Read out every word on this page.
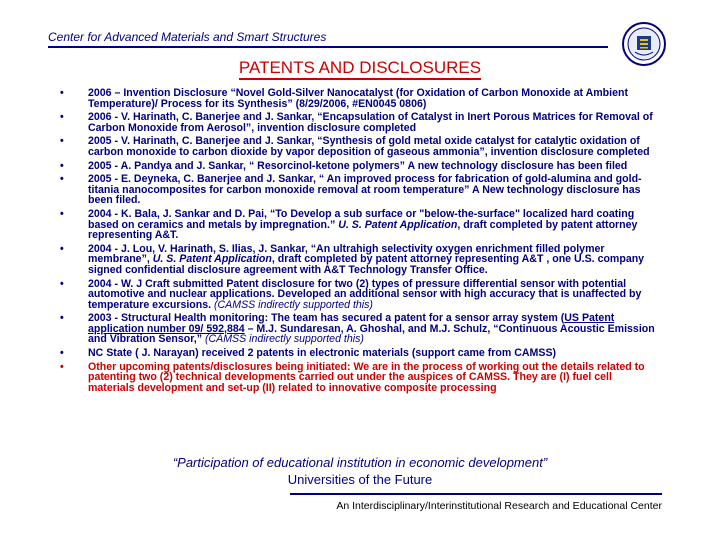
Center for Advanced Materials and Smart Structures
PATENTS AND DISCLOSURES
• 2006 – Invention Disclosure “Novel Gold-Silver Nanocatalyst (for Oxidation of Carbon Monoxide at Ambient Temperature)/ Process for its Synthesis” (8/29/2006, #EN0045 0806)
• 2006 - V. Harinath, C. Banerjee and J. Sankar, “Encapsulation of Catalyst in Inert Porous Matrices for Removal of Carbon Monoxide from Aerosol”, invention disclosure completed
• 2005 - V. Harinath, C. Banerjee and J. Sankar, “Synthesis of gold metal oxide catalyst for catalytic oxidation of carbon monoxide to carbon dioxide by vapor deposition of gaseous ammonia”, invention disclosure completed
• 2005 - A. Pandya and J. Sankar, “ Resorcinol-ketone polymers” A new technology disclosure has been filed
• 2005 - E. Deyneka, C. Banerjee and J. Sankar, “ An improved process for fabrication of gold-alumina and gold-titania nanocomposites for carbon monoxide removal at room temperature” A New technology disclosure has been filed.
• 2004 - K. Bala, J. Sankar and D. Pai, “To Develop a sub surface or "below-the-surface" localized hard coating based on ceramics and metals by impregnation.” U. S. Patent Application, draft completed by patent attorney representing A&T.
• 2004 - J. Lou, V. Harinath, S. Ilias, J. Sankar, “An ultrahigh selectivity oxygen enrichment filled polymer membrane”, U. S. Patent Application, draft completed by patent attorney representing A&T , one U.S. company signed confidential disclosure agreement with A&T Technology Transfer Office.
• 2004 - W. J Craft submitted Patent disclosure for two (2) types of pressure differential sensor with potential automotive and nuclear applications. Developed an additional sensor with high accuracy that is unaffected by temperature excursions. (CAMSS indirectly supported this)
• 2003 - Structural Health monitoring: The team has secured a patent for a sensor array system (US Patent application number 09/ 592,884 – M.J. Sundaresan, A. Ghoshal, and M.J. Schulz, “Continuous Acoustic Emission and Vibration Sensor,” (CAMSS indirectly supported this)
• NC State ( J. Narayan) received 2 patents in electronic materials (support came from CAMSS)
• Other upcoming patents/disclosures being initiated: We are in the process of working out the details related to patenting two (2) technical developments carried out under the auspices of CAMSS. They are (I) fuel cell materials development and set-up (II) related to innovative composite processing
“Participation of educational institution in economic development”
Universities of the Future
An Interdisciplinary/Interinstitutional Research and Educational Center
